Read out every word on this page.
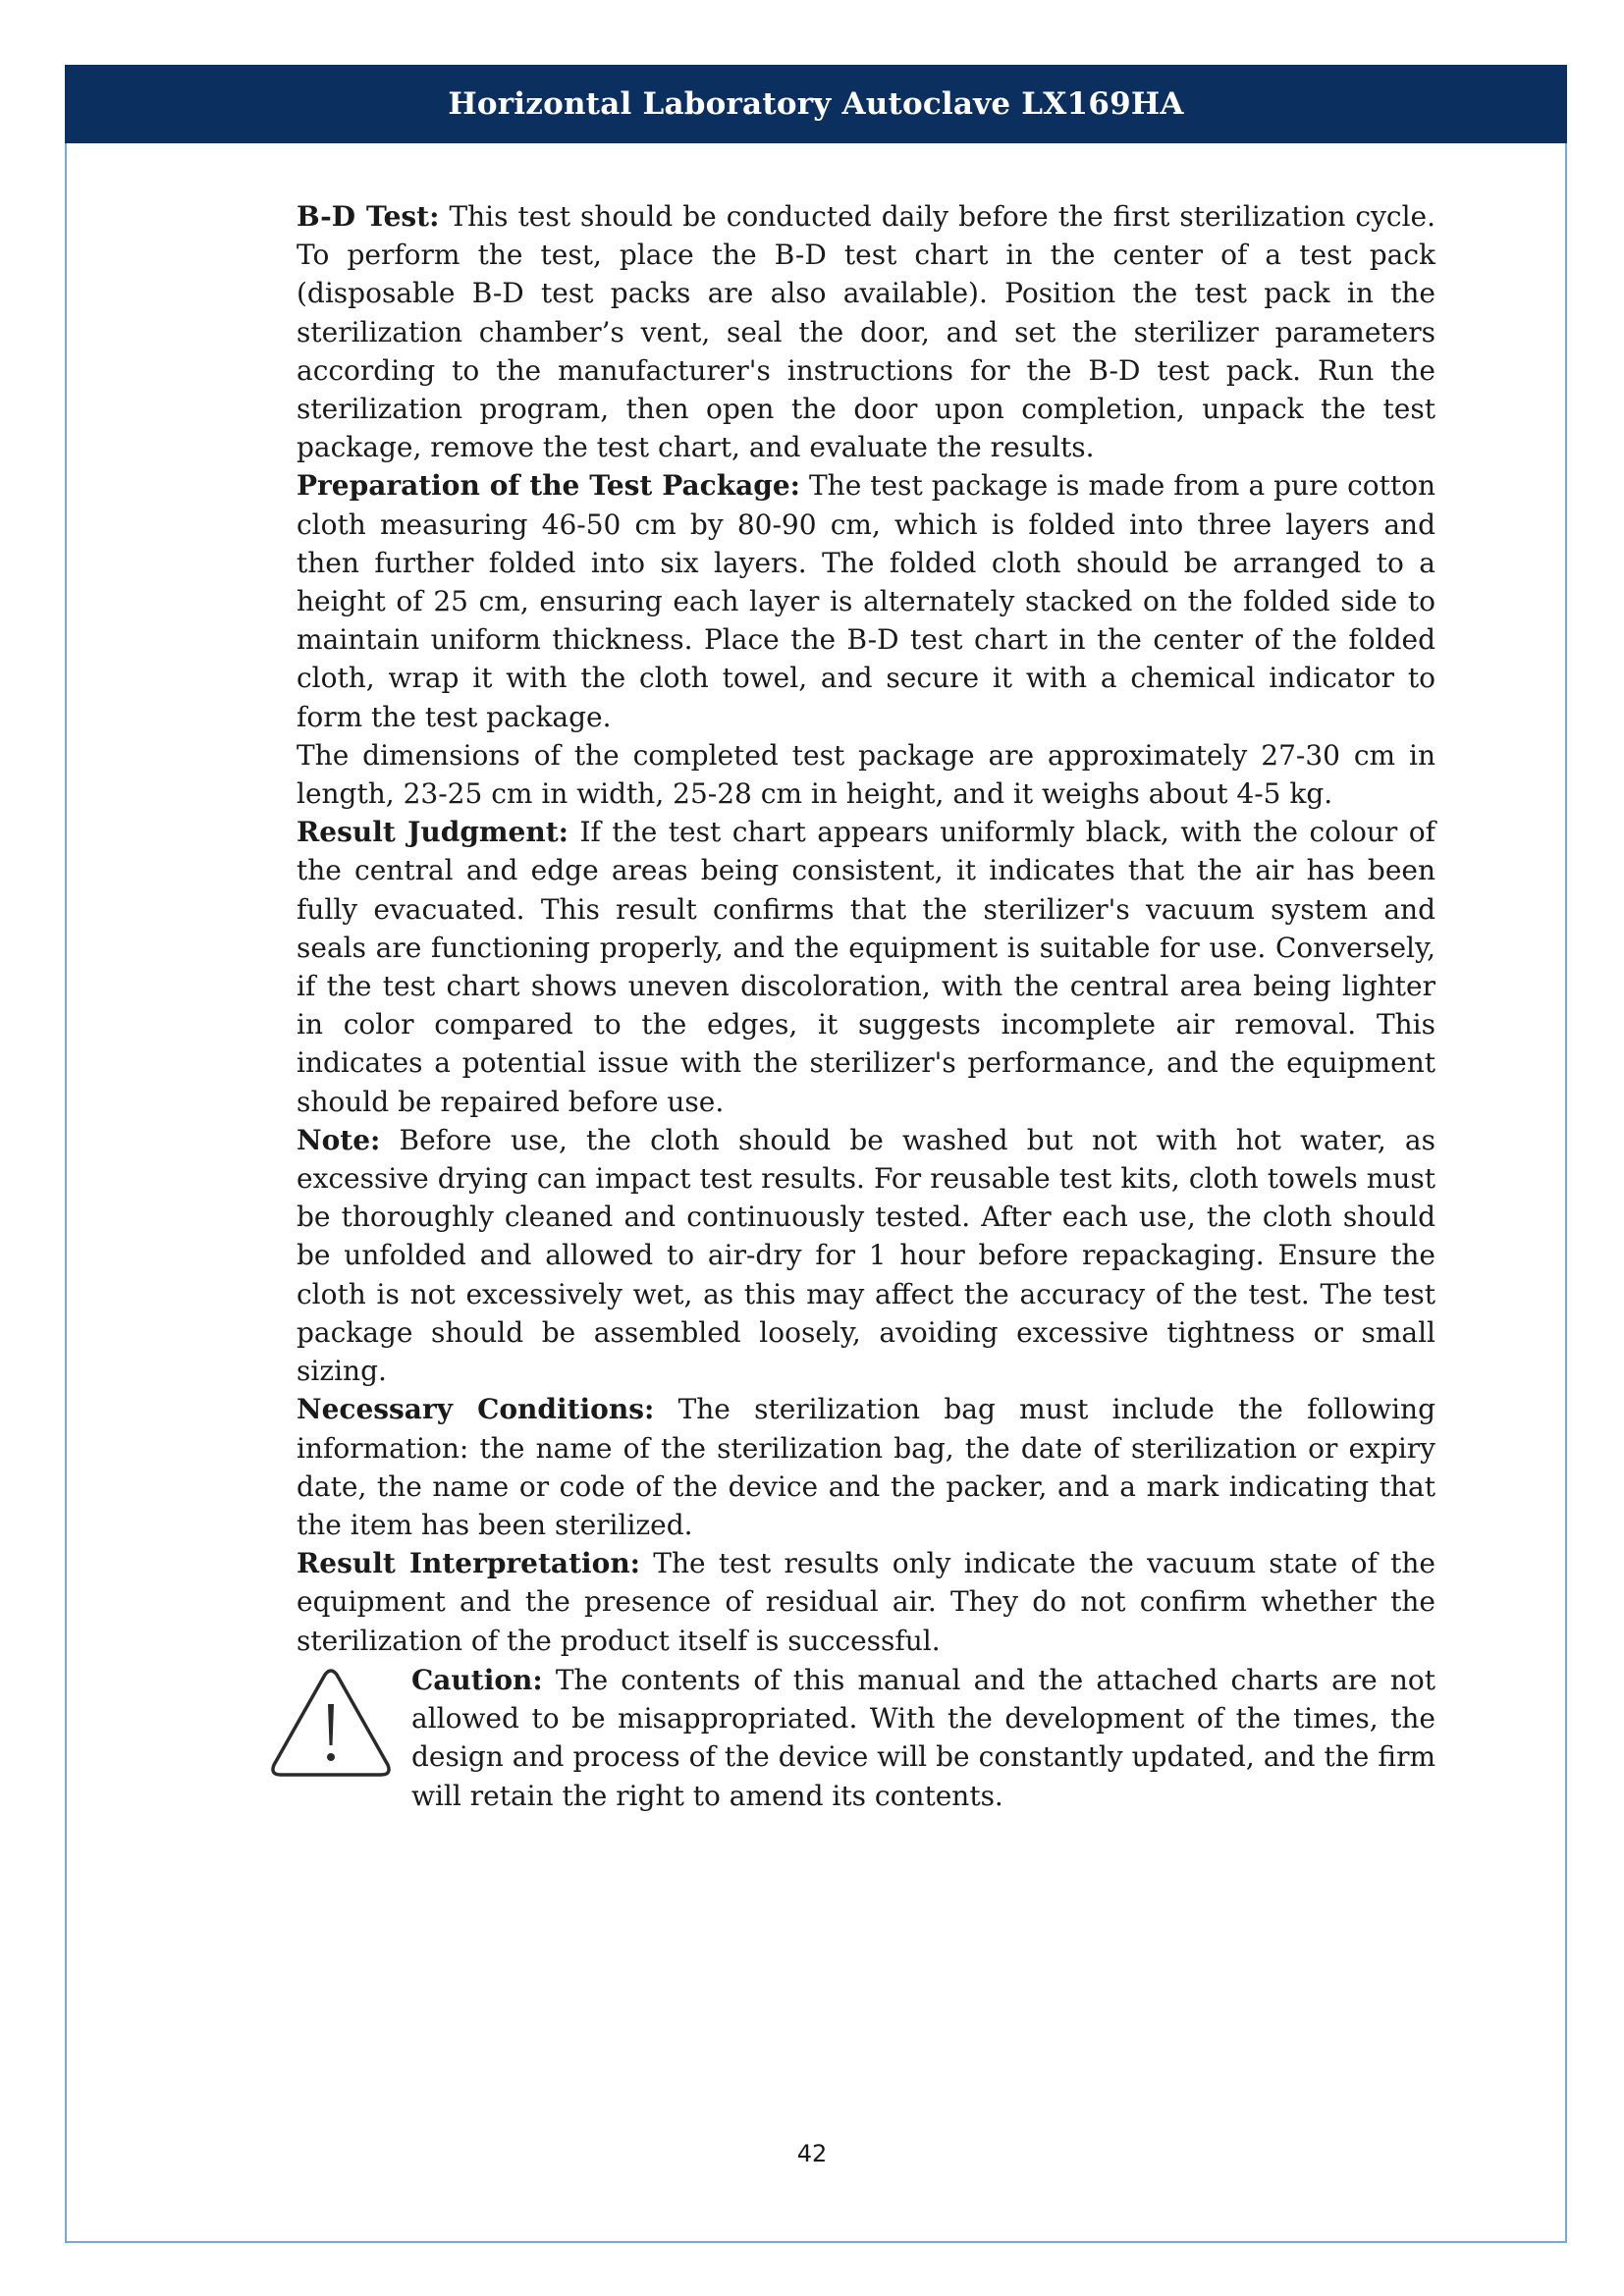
Horizontal Laboratory Autoclave LX169HA

B-D Test: This test should be conducted daily before the first sterilization cycle. To perform the test, place the B-D test chart in the center of a test pack (disposable B-D test packs are also available). Position the test pack in the sterilization chamber’s vent, seal the door, and set the sterilizer parameters according to the manufacturer's instructions for the B-D test pack. Run the sterilization program, then open the door upon completion, unpack the test package, remove the test chart, and evaluate the results.

Preparation of the Test Package: The test package is made from a pure cotton cloth measuring 46-50 cm by 80-90 cm, which is folded into three layers and then further folded into six layers. The folded cloth should be arranged to a height of 25 cm, ensuring each layer is alternately stacked on the folded side to maintain uniform thickness. Place the B-D test chart in the center of the folded cloth, wrap it with the cloth towel, and secure it with a chemical indicator to form the test package.

The dimensions of the completed test package are approximately 27-30 cm in length, 23-25 cm in width, 25-28 cm in height, and it weighs about 4-5 kg.

Result Judgment: If the test chart appears uniformly black, with the colour of the central and edge areas being consistent, it indicates that the air has been fully evacuated. This result confirms that the sterilizer's vacuum system and seals are functioning properly, and the equipment is suitable for use. Conversely, if the test chart shows uneven discoloration, with the central area being lighter in color compared to the edges, it suggests incomplete air removal. This indicates a potential issue with the sterilizer's performance, and the equipment should be repaired before use.

Note: Before use, the cloth should be washed but not with hot water, as excessive drying can impact test results. For reusable test kits, cloth towels must be thoroughly cleaned and continuously tested. After each use, the cloth should be unfolded and allowed to air-dry for 1 hour before repackaging. Ensure the cloth is not excessively wet, as this may affect the accuracy of the test. The test package should be assembled loosely, avoiding excessive tightness or small sizing.

Necessary Conditions: The sterilization bag must include the following information: the name of the sterilization bag, the date of sterilization or expiry date, the name or code of the device and the packer, and a mark indicating that the item has been sterilized.

Result Interpretation: The test results only indicate the vacuum state of the equipment and the presence of residual air. They do not confirm whether the sterilization of the product itself is successful.

Caution: The contents of this manual and the attached charts are not allowed to be misappropriated. With the development of the times, the design and process of the device will be constantly updated, and the firm will retain the right to amend its contents.

42
